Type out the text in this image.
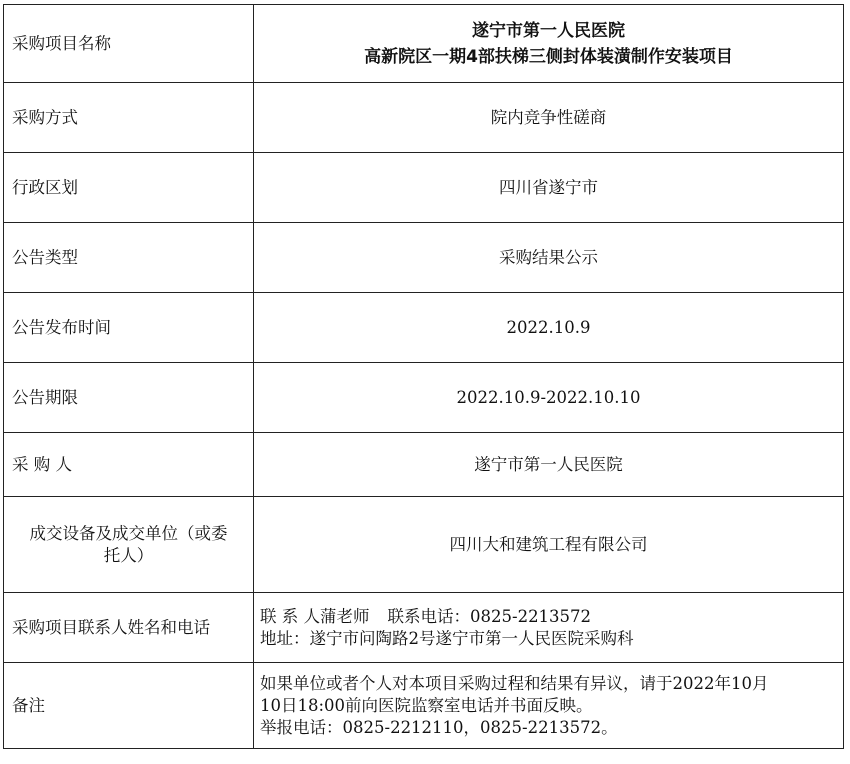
采购项目名称	遂宁市第一人民医院
高新院区一期4部扶梯三侧封体装潢制作安装项目

采购方式	院内竞争性磋商
行政区划	四川省遂宁市
公告类型	采购结果公示
公告发布时间	2022.10.9
公告期限	2022.10.9-2022.10.10
采 购 人	遂宁市第一人民医院

成交设备及成交单位（或委
托人）	四川大和建筑工程有限公司
采购项目联系人姓名和电话	联 系 人蒲老师 联系电话：0825-2213572
地址：遂宁市问陶路2号遂宁市第一人民医院采购科

备注	如果单位或者个人对本项目采购过程和结果有异议，请于2022年10月
10日18:00前向医院监察室电话并书面反映。
举报电话：0825-2212110，0825-2213572。
